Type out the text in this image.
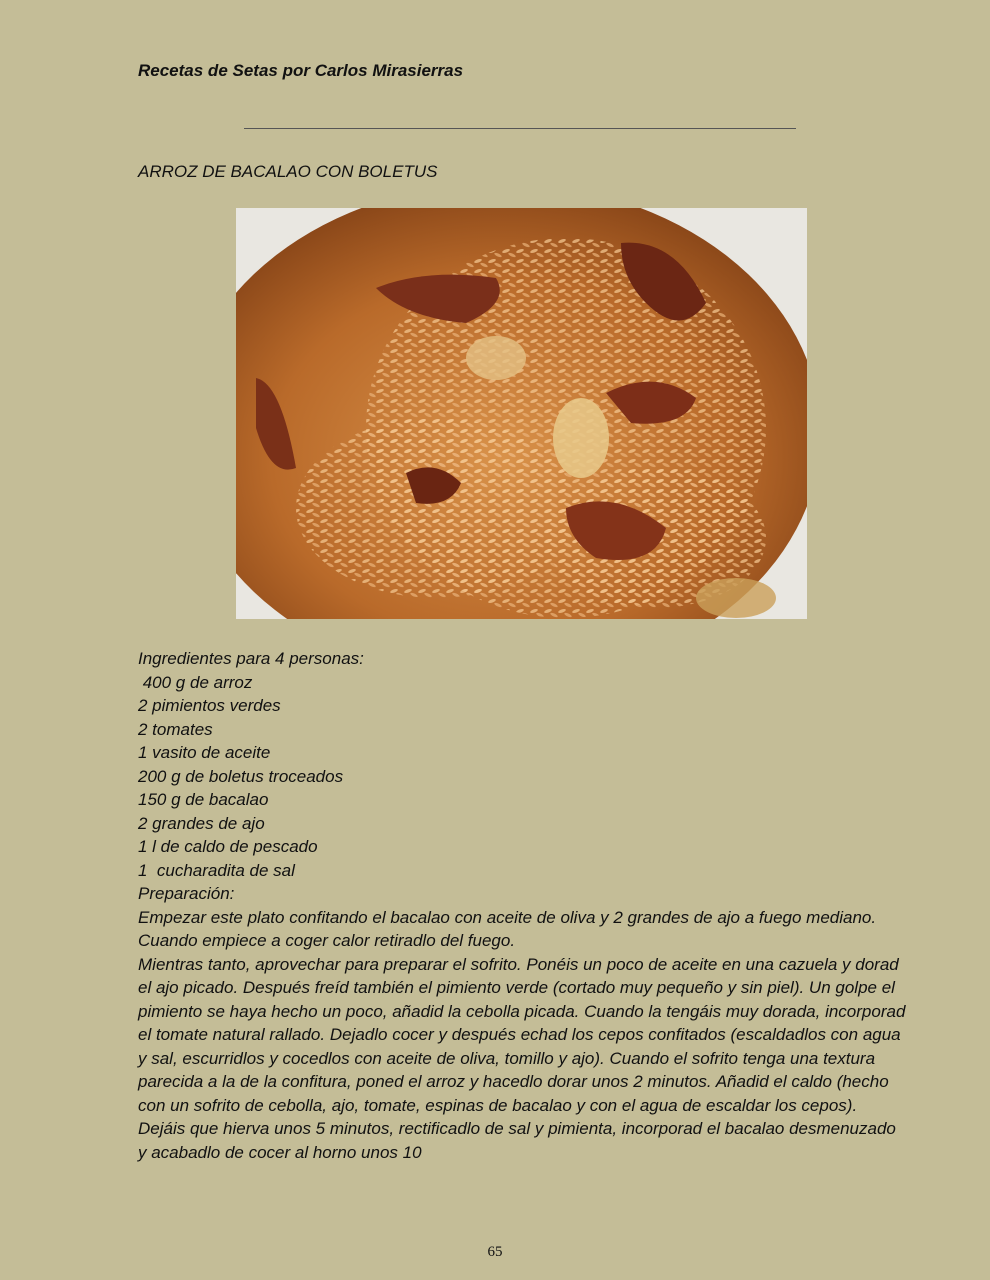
Recetas de Setas por Carlos Mirasierras
ARROZ DE BACALAO CON BOLETUS
Ingredientes para 4 personas:
400 g de arroz
2 pimientos verdes
2 tomates
1 vasito de aceite
200 g de boletus troceados
150 g de bacalao
2 grandes de ajo
1 l de caldo de pescado
1  cucharadita de sal
Preparación:
Empezar este plato confitando el bacalao con aceite de oliva y 2 grandes de ajo a fuego mediano. Cuando empiece a coger calor retiradlo del fuego.
Mientras tanto, aprovechar para preparar el sofrito. Ponéis un poco de aceite en una cazuela y dorad el ajo picado. Después freíd también el pimiento verde (cortado muy pequeño y sin piel). Un golpe el pimiento se haya hecho un poco, añadid la cebolla picada. Cuando la tengáis muy dorada, incorporad el tomate natural rallado. Dejadlo cocer y después echad los cepos confitados (escaldadlos con agua y sal, escurridlos y cocedlos con aceite de oliva, tomillo y ajo). Cuando el sofrito tenga una textura parecida a la de la confitura, poned el arroz y hacedlo dorar unos 2 minutos. Añadid el caldo (hecho con un sofrito de cebolla, ajo, tomate, espinas de bacalao y con el agua de escaldar los cepos). Dejáis que hierva unos 5 minutos, rectificadlo de sal y pimienta, incorporad el bacalao desmenuzado y acabadlo de cocer al horno unos 10
65
